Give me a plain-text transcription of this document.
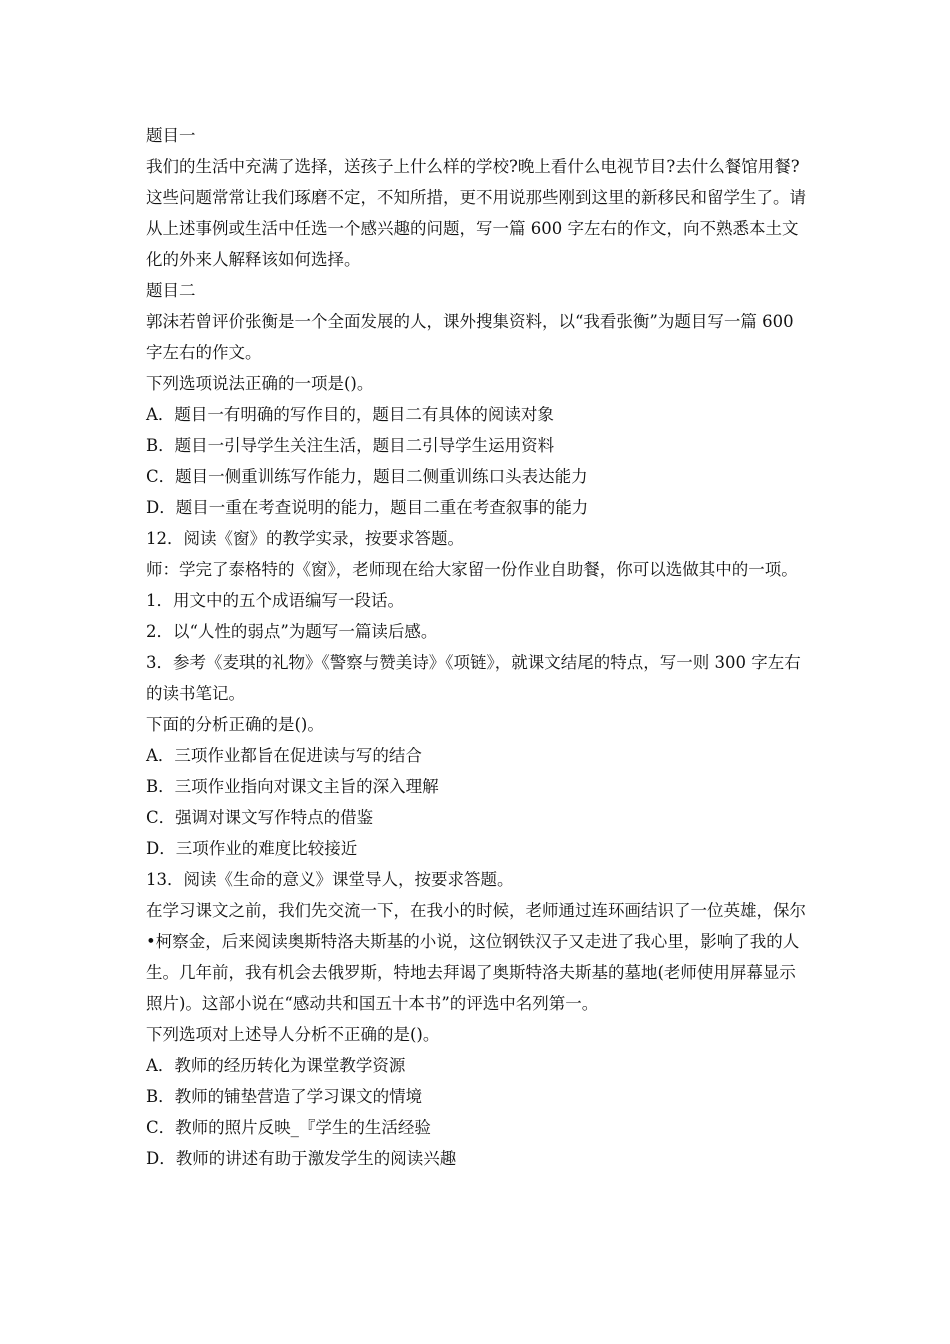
题目一

我们的生活中充满了选择，送孩子上什么样的学校?晚上看什么电视节目?去什么餐馆用餐?这些问题常常让我们琢磨不定，不知所措，更不用说那些刚到这里的新移民和留学生了。请从上述事例或生活中任选一个感兴趣的问题，写一篇 600 字左右的作文，向不熟悉本土文化的外来人解释该如何选择。

题目二

郭沫若曾评价张衡是一个全面发展的人，课外搜集资料，以“我看张衡”为题目写一篇 600 字左右的作文。

下列选项说法正确的一项是()。

A．题目一有明确的写作目的，题目二有具体的阅读对象

B．题目一引导学生关注生活，题目二引导学生运用资料

C．题目一侧重训练写作能力，题目二侧重训练口头表达能力

D．题目一重在考查说明的能力，题目二重在考查叙事的能力

12．阅读《窗》的教学实录，按要求答题。

师：学完了泰格特的《窗》，老师现在给大家留一份作业自助餐，你可以选做其中的一项。

1．用文中的五个成语编写一段话。

2．以“人性的弱点”为题写一篇读后感。

3．参考《麦琪的礼物》《警察与赞美诗》《项链》，就课文结尾的特点，写一则 300 字左右的读书笔记。

下面的分析正确的是()。

A．三项作业都旨在促进读与写的结合

B．三项作业指向对课文主旨的深入理解

C．强调对课文写作特点的借鉴

D．三项作业的难度比较接近

13．阅读《生命的意义》课堂导人，按要求答题。

在学习课文之前，我们先交流一下，在我小的时候，老师通过连环画结识了一位英雄，保尔•柯察金，后来阅读奥斯特洛夫斯基的小说，这位钢铁汉子又走进了我心里，影响了我的人生。几年前，我有机会去俄罗斯，特地去拜谒了奥斯特洛夫斯基的墓地(老师使用屏幕显示照片)。这部小说在“感动共和国五十本书”的评选中名列第一。

下列选项对上述导人分析不正确的是()。

A．教师的经历转化为课堂教学资源

B．教师的铺垫营造了学习课文的情境

C．教师的照片反映_『学生的生活经验

D．教师的讲述有助于激发学生的阅读兴趣
